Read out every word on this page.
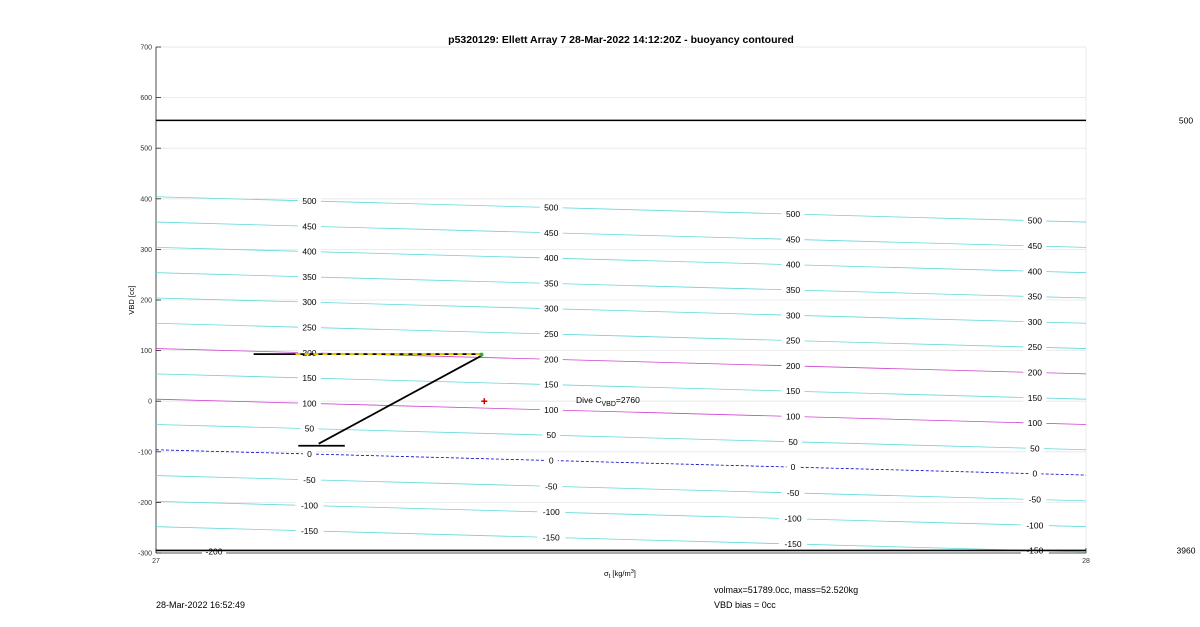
-300
-200
-100
0
100
200
300
400
500
600
700
27	28
-150
-100
-50
0
50
100
150
200
250
300
350
400
450
500
-150
-100
-50
0
50
100
150
200
250
300
350
400
450
500
-150
-100
-50
0
50
100
150
200
250
300
350
400
450
500
-150
-100
-50
0
50
100
150
200
250
300
350
400
450
500
-200
500
3960
Dive $C_{VBD}=2760$
p5320129: Ellett Array 7 28-Mar-2022 14:12:20Z - buoyancy contoured
VBD [cc]
$\sigma_t$ $[kg/m^3]$
28-Mar-2022 16:52:49
volmax=51789.0cc, mass=52.520kg
VBD bias = 0cc
